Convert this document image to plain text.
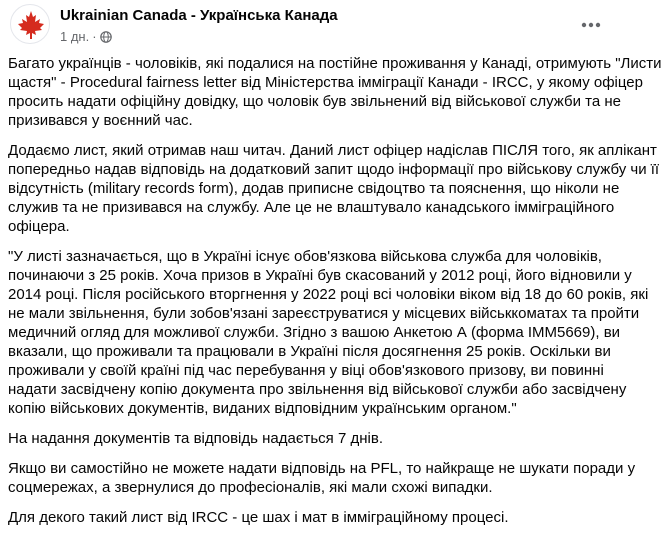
Ukrainian Canada - Українська Канада
1 дн. ·
Багато українців - чоловіків, які подалися на постійне проживання у Канаді, отримують "Листи
щастя" - Procedural fairness letter від Міністерства імміграції Канади - IRCC, у якому офіцер
просить надати офіційну довідку, що чоловік був звільнений від військової служби та не
призивався у воєнний час.
Додаємо лист, який отримав наш читач. Даний лист офіцер надіслав ПІСЛЯ того, як аплікант
попередньо надав відповідь на додатковий запит щодо інформації про військову службу чи її
відсутність (military records form), додав приписне свідоцтво та пояснення, що ніколи не
служив та не призивався на службу. Але це не влаштувало канадського імміграційного
офіцера.
"У листі зазначається, що в Україні існує обов'язкова військова служба для чоловіків,
починаючи з 25 років. Хоча призов в Україні був скасований у 2012 році, його відновили у
2014 році. Після російського вторгнення у 2022 році всі чоловіки віком від 18 до 60 років, які
не мали звільнення, були зобов'язані зареєструватися у місцевих військкоматах та пройти
медичний огляд для можливої служби. Згідно з вашою Анкетою А (форма IMM5669), ви
вказали, що проживали та працювали в Україні після досягнення 25 років. Оскільки ви
проживали у своїй країні під час перебування у віці обов'язкового призову, ви повинні
надати засвідчену копію документа про звільнення від військової служби або засвідчену
копію військових документів, виданих відповідним українським органом."
На надання документів та відповідь надається 7 днів.
Якщо ви самостійно не можете надати відповідь на PFL, то найкраще не шукати поради у
соцмережах, а звернулися до професіоналів, які мали схожі випадки.
Для декого такий лист від IRCC - це шах і мат в імміграційному процесі.
